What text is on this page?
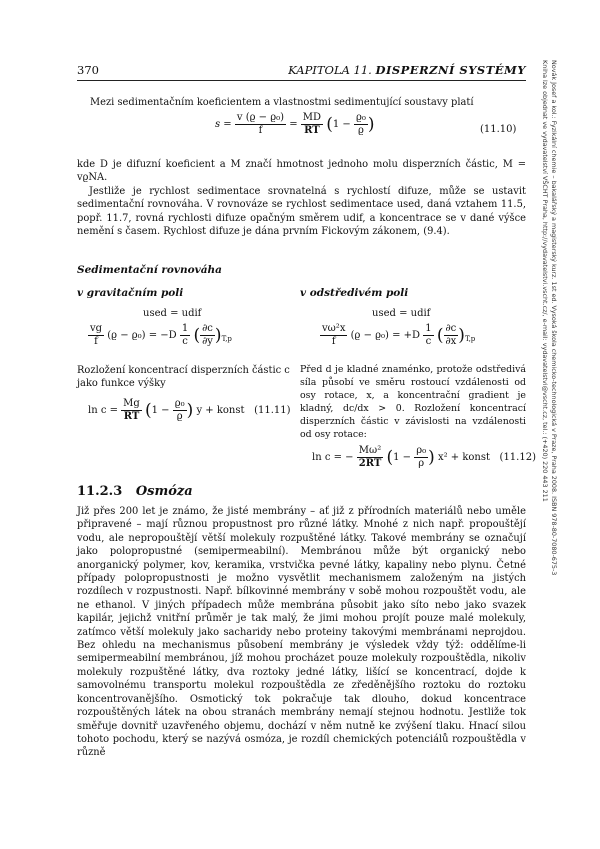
370	KAPITOLA 11. DISPERZNÍ SYSTÉMY	Novák Josef a kol.: Fyzikální chemie – bakalářský a magisterský kurz. 1st ed. Vysoká škola chemicko-technologická v Praze, Praha 2008. ISBN 978-80-7080-675-3
Kniha lze objednat ve vydavatelství VŠCHT Praha, http://vydavatelstvi.vscht.cz/, e-mail: vydavatelstvi@vscht.cz, tel.: (+420) 220 443 211

Mezi sedimentačním koeficientem a vlastnostmi sedimentující soustavy platí

$s = \frac{\text{v (ϱ − ϱ₀)}}{f} = \frac{MD}{RT} (1 - \frac{\text{ϱ₀}}{ϱ}$ )	(11.10)

kde D je difuzní koeficient a M značí hmotnost jednoho molu disperzních částic, M = vϱNA.

Jestliže je rychlost sedimentace srovnatelná s rychlostí difuze, může se ustavit sedimentační rovnováha. V rovnováze se rychlost sedimentace used, daná vztahem 11.5, popř. 11.7, rovná rychlosti difuze opačným směrem udif, a koncentrace se v dané výšce nemění s časem. Rychlost difuze je dána prvním Fickovým zákonem, (9.4).

Sedimentační rovnováha
v gravitačním poli
used = udif
$\frac{vg}{f} (ϱ - ϱ_0) = -D \frac{1}{c}$ ( $\frac{\partial c}{\partial y} )_{T,p}$

Rozložení koncentrací disperzních částic c jako funkce výšky

$\ln c = \frac{Mg}{RT} (1 - \frac{\text{ϱ₀}}{ϱ}$ ) y + konst (11.11)
v odstředivém poli
used = udif
$\frac{\text{vω²x}}{f} (ϱ - ϱ_0) = +D \frac{1}{c}$ ( $\frac{\partial c}{\partial x} )_{T,p}$

Před d je kladné znaménko, protože odstředivá síla působí ve směru rostoucí vzdálenosti od osy rotace, x, a koncentrační gradient je kladný, dc/dx > 0. Rozložení koncentrací disperzních částic v závislosti na vzdálenosti od osy rotace:

ln c = − $\frac{\text{Mω²}}{2RT} (1 - \frac{\text{ρ₀}}{\rho}$ ) x² + konst (11.12)
11.2.3 Osmóza

Již přes 200 let je známo, že jisté membrány – ať již z přírodních materiálů nebo uměle připravené – mají různou propustnost pro různé látky. Mnohé z nich např. propouštějí vodu, ale nepropouštějí větší molekuly rozpuštěné látky. Takové membrány se označují jako polopropustné (semipermeabilní). Membránou může být organický nebo anorganický polymer, kov, keramika, vrstvička pevné látky, kapaliny nebo plynu. Četné případy polopropustnosti je možno vysvětlit mechanismem založeným na jistých rozdílech v rozpustnosti. Např. bílkovinné membrány v sobě mohou rozpouštět vodu, ale ne ethanol. V jiných případech může membrána působit jako síto nebo jako svazek kapilár, jejichž vnitřní průměr je tak malý, že jimi mohou projít pouze malé molekuly, zatímco větší molekuly jako sacharidy nebo proteiny takovými membránami neprojdou. Bez ohledu na mechanismus působení membrány je výsledek vždy týž: oddělíme-li semipermeabilní membránou, jíž mohou procházet pouze molekuly rozpouštědla, nikoliv molekuly rozpuštěné látky, dva roztoky jedné látky, lišící se koncentrací, dojde k samovolnému transportu molekul rozpouštědla ze zředěnějšího roztoku do roztoku koncentrovanějšího. Osmotický tok pokračuje tak dlouho, dokud koncentrace rozpouštěných látek na obou stranách membrány nemají stejnou hodnotu. Jestliže tok směřuje dovnitř uzavřeného objemu, dochází v něm nutně ke zvýšení tlaku. Hnací silou tohoto pochodu, který se nazývá osmóza, je rozdíl chemických potenciálů rozpouštědla v různě
